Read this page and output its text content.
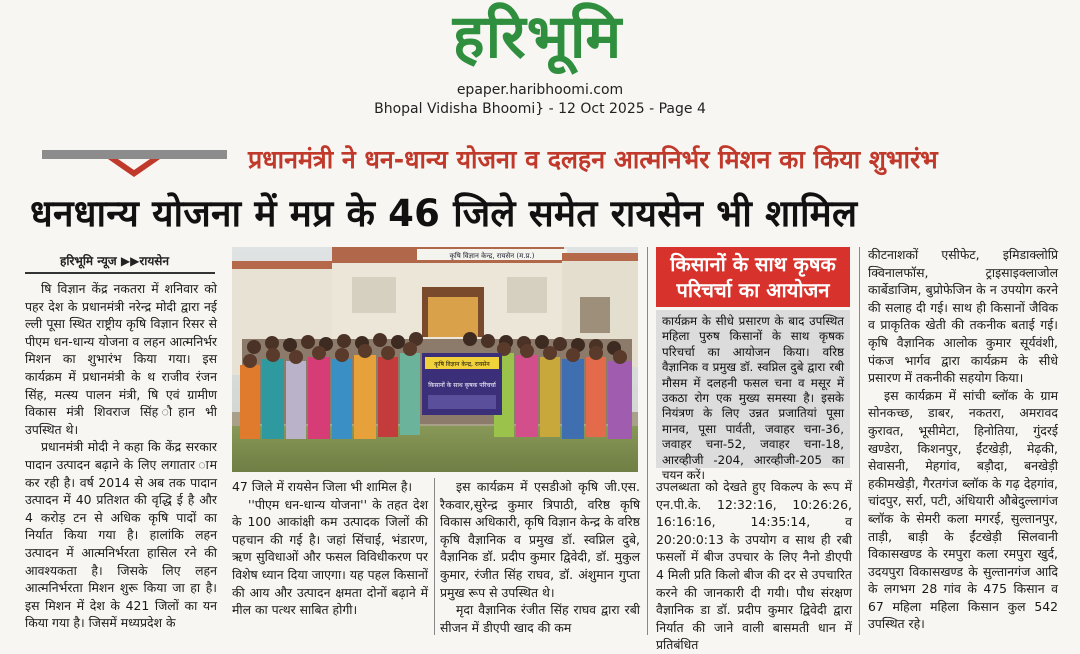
हरिभूमि
epaper.haribhoomi.com
Bhopal Vidisha Bhoomi} - 12 Oct 2025 - Page 4
प्रधानमंत्री ने धन-धान्य योजना व दलहन आत्मनिर्भर मिशन का किया शुभारंभ
धनधान्य योजना में मप्र के 46 जिले समेत रायसेन भी शामिल
हरिभूमि न्यूज ▶▶रायसेन

षि विज्ञान केंद्र नकतरा में शनिवार को पहर देश के प्रधानमंत्री नरेन्द्र मोदी द्वारा नई ल्ली पूसा स्थित राष्ट्रीय कृषि विज्ञान रिसर से पीएम धन-धान्य योजना व लहन आत्मनिर्भर मिशन का शुभारंभ किया गया। इस कार्यक्रम में प्रधानमंत्री के थ राजीव रंजन सिंह, मत्स्य पालन मंत्री, षि एवं ग्रामीण विकास मंत्री शिवराज सिंह ौहान भी उपस्थित थे।

प्रधानमंत्री मोदी ने कहा कि केंद्र सरकार पादान उत्पादन बढ़ाने के लिए लगातार ाम कर रही है। वर्ष 2014 से अब तक पादान उत्पादन में 40 प्रतिशत की वृद्धि ई है और 4 करोड़ टन से अधिक कृषि पादों का निर्यात किया गया है। हालांकि लहन उत्पादन में आत्मनिर्भरता हासिल रने की आवश्यकता है। जिसके लिए लहन आत्मनिर्भरता मिशन शुरू किया जा हा है। इस मिशन में देश के 421 जिलों का यन किया गया है। जिसमें मध्यप्रदेश के

कृषि विज्ञान केन्द्र, रायसेन (म.प्र.)
कृषि विज्ञान केन्द्र, रायसेन
किसानों के साथ कृषक परिचर्चा

47 जिले में रायसेन जिला भी शामिल है।

''पीएम धन-धान्य योजना'' के तहत देश के 100 आकांक्षी कम उत्पादक जिलों की पहचान की गई है। जहां सिंचाई, भंडारण, ऋण सुविधाओं और फसल विविधीकरण पर विशेष ध्यान दिया जाएगा। यह पहल किसानों की आय और उत्पादन क्षमता दोनों बढ़ाने में मील का पत्थर साबित होगी।

इस कार्यक्रम में एसडीओ कृषि जी.एस. रैकवार,सुरेन्द्र कुमार त्रिपाठी, वरिष्ठ कृषि विकास अधिकारी, कृषि विज्ञान केन्द्र के वरिष्ठ कृषि वैज्ञानिक व प्रमुख डॉ. स्वप्निल दुबे, वैज्ञानिक डॉ. प्रदीप कुमार द्विवेदी, डॉ. मुकुल कुमार, रंजीत सिंह राघव, डॉ. अंशुमान गुप्ता प्रमुख रूप से उपस्थित थे।

मृदा वैज्ञानिक रंजीत सिंह राघव द्वारा रबी सीजन में डीएपी खाद की कम

किसानों के साथ कृषक
परिचर्चा का आयोजन
कार्यक्रम के सीधे प्रसारण के बाद उपस्थित महिला पुरुष किसानों के साथ कृषक परिचर्चा का आयोजन किया। वरिष्ठ वैज्ञानिक व प्रमुख डॉ. स्वप्निल दुबे द्वारा रबी मौसम में दलहनी फसल चना व मसूर में उकठा रोग एक मुख्य समस्या है। इसके नियंत्रण के लिए उन्नत प्रजातियां पूसा मानव, पूसा पार्वती, जवाहर चना-36, जवाहर चना-52, जवाहर चना-18, आरव्हीजी -204, आरव्हीजी-205 का चयन करें।

उपलब्धता को देखते हुए विकल्प के रूप में एन.पी.के. 12:32:16, 10:26:26, 16:16:16, 14:35:14, व 20:20:0:13 के उपयोग व साथ ही रबी फसलों में बीज उपचार के लिए नैनो डीएपी 4 मिली प्रति किलो बीज की दर से उपचारित करने की जानकारी दी गयी। पौध संरक्षण वैज्ञानिक डा डॉ. प्रदीप कुमार द्विवेदी द्वारा निर्यात की जाने वाली बासमती धान में प्रतिबंधित

कीटनाशकों एसीफेट, इमिडाक्लोप्रि क्विनालफॉस, ट्राइसाइक्लाजोल कार्बेडाजिम, बुप्रोफेजिन के न उपयोग करने की सलाह दी गई। साथ ही किसानों जैविक व प्राकृतिक खेती की तकनीक बताई गई। कृषि वैज्ञानिक आलोक कुमार सूर्यवंशी, पंकज भार्गव द्वारा कार्यक्रम के सीधे प्रसारण में तकनीकी सहयोग किया।

इस कार्यक्रम में सांची ब्लॉक के ग्राम सोनकच्छ, डाबर, नकतरा, अमरावद कुरावत, भूसीमेटा, हिनोतिया, गुंदरई खण्डेरा, किशनपुर, ईंटखेड़ी, मेढ़की, सेवासनी, मेहगांव, बड़ौदा, बनखेड़ी हकीमखेड़ी, गैरतगंज ब्लॉक के गढ़ देहगांव, चांदपुर, सर्रा, पटी, अंधियारी औबेदुल्लागंज ब्लॉक के सेमरी कला मगरई, सुल्तानपुर, ताड़ी, बाड़ी के ईंटखेड़ी सिलवानी विकासखण्ड के रमपुरा कला रमपुरा खुर्द, उदयपुरा विकासखण्ड के सुल्तानगंज आदि के लगभग 28 गांव के 475 किसान व 67 महिला महिला किसान कुल 542 उपस्थित रहे।
